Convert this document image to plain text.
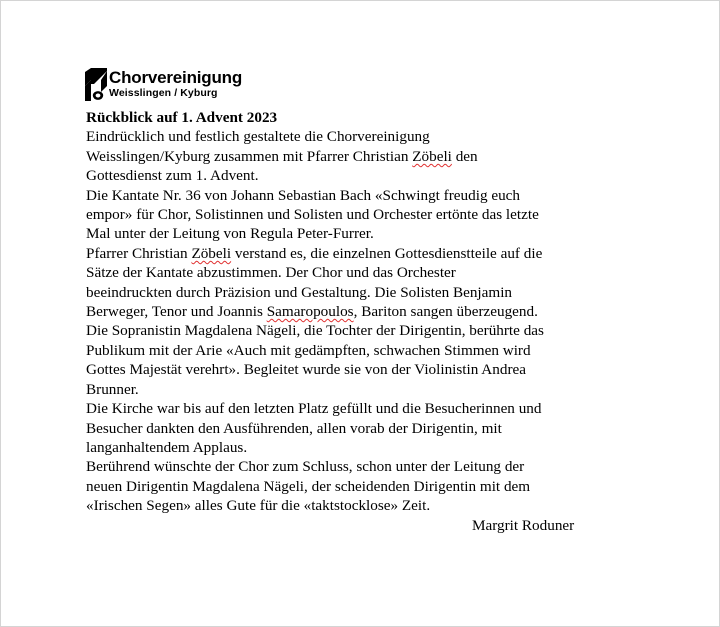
Chorvereinigung
Weisslingen / Kyburg
Rückblick auf 1. Advent 2023
Eindrücklich und festlich gestaltete die Chorvereinigung
Weisslingen/Kyburg zusammen mit Pfarrer Christian Zöbeli den
Gottesdienst zum 1. Advent.
Die Kantate Nr. 36 von Johann Sebastian Bach «Schwingt freudig euch
empor» für Chor, Solistinnen und Solisten und Orchester ertönte das letzte
Mal unter der Leitung von Regula Peter-Furrer.
Pfarrer Christian Zöbeli verstand es, die einzelnen Gottesdienstteile auf die
Sätze der Kantate abzustimmen. Der Chor und das Orchester
beeindruckten durch Präzision und Gestaltung. Die Solisten Benjamin
Berweger, Tenor und Joannis Samaropoulos, Bariton sangen überzeugend.
Die Sopranistin Magdalena Nägeli, die Tochter der Dirigentin, berührte das
Publikum mit der Arie «Auch mit gedämpften, schwachen Stimmen wird
Gottes Majestät verehrt». Begleitet wurde sie von der Violinistin Andrea
Brunner.
Die Kirche war bis auf den letzten Platz gefüllt und die Besucherinnen und
Besucher dankten den Ausführenden, allen vorab der Dirigentin, mit
langanhaltendem Applaus.
Berührend wünschte der Chor zum Schluss, schon unter der Leitung der
neuen Dirigentin Magdalena Nägeli, der scheidenden Dirigentin mit dem
«Irischen Segen» alles Gute für die «taktstocklose» Zeit.
Margrit Roduner
